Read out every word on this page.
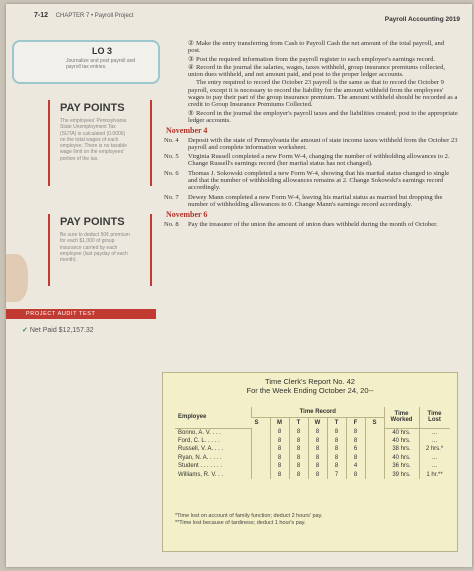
7-12 CHAPTER 7 • Payroll Project	Payroll Accounting 2019
LO 3
Journalize and post payroll and payroll tax entries.
PAY POINTS
The employees' Pennsylvania State Unemployment Tax (SUTA) is calculated (0.0006) on the total wages of each employee. There is no taxable wage limit on the employees' portion of the tax.
PAY POINTS
Be sure to deduct 50¢ premium for each $1,000 of group insurance carried by each employee (last payday of each month).
PROJECT AUDIT TEST
✓ Net Paid $12,157.32
② Make the entry transferring from Cash to Payroll Cash the net amount of the total payroll, and post.
③ Post the required information from the payroll register to each employee's earnings record.
④ Record in the journal the salaries, wages, taxes withheld, group insurance premiums collected, union dues withheld, and net amount paid, and post to the proper ledger accounts.
The entry required to record the October 23 payroll is the same as that to record the October 9 payroll, except it is necessary to record the liability for the amount withheld from the employees' wages to pay their part of the group insurance premium. The amount withheld should be recorded as a credit to Group Insurance Premiums Collected.
⑤ Record in the journal the employer's payroll taxes and the liabilities created; post to the appropriate ledger accounts.
November 4
No. 4	Deposit with the state of Pennsylvania the amount of state income taxes withheld from the October 23 payroll and complete information worksheet.
No. 5	Virginia Russell completed a new Form W-4, changing the number of withholding allowances to 2. Change Russell's earnings record (her marital status has not changed).
No. 6	Thomas J. Sokowski completed a new Form W-4, showing that his marital status changed to single and that the number of withholding allowances remains at 2. Change Sokowski's earnings record accordingly.
No. 7	Dewey Mann completed a new Form W-4, leaving his marital status as married but dropping the number of withholding allowances to 0. Change Mann's earnings record accordingly.
November 6
No. 8	Pay the treasurer of the union the amount of union dues withheld during the month of October.
Time Clerk's Report No. 42
For the Week Ending October 24, 20--
Employee	Time Record							Time Worked	Time Lost
	S	M	T	W	T	F	S		
Bonno, A. V. . . .		8	8	8	8	8		40 hrs.	...
Ford, C. L. . . . .		8	8	8	8	8		40 hrs.	...
Russell, V. A. . . .		8	8	8	8	6		38 hrs.	2 hrs.*
Ryan, N. A. . . . .		8	8	8	8	8		40 hrs.	...
Student . . . . . . .		8	8	8	8	4		36 hrs.	...
Williams, R. V. . .		8	8	8	7	8		39 hrs.	1 hr.**
*Time lost on account of family function; deduct 2 hours' pay.
**Time lost because of tardiness; deduct 1 hour's pay.
